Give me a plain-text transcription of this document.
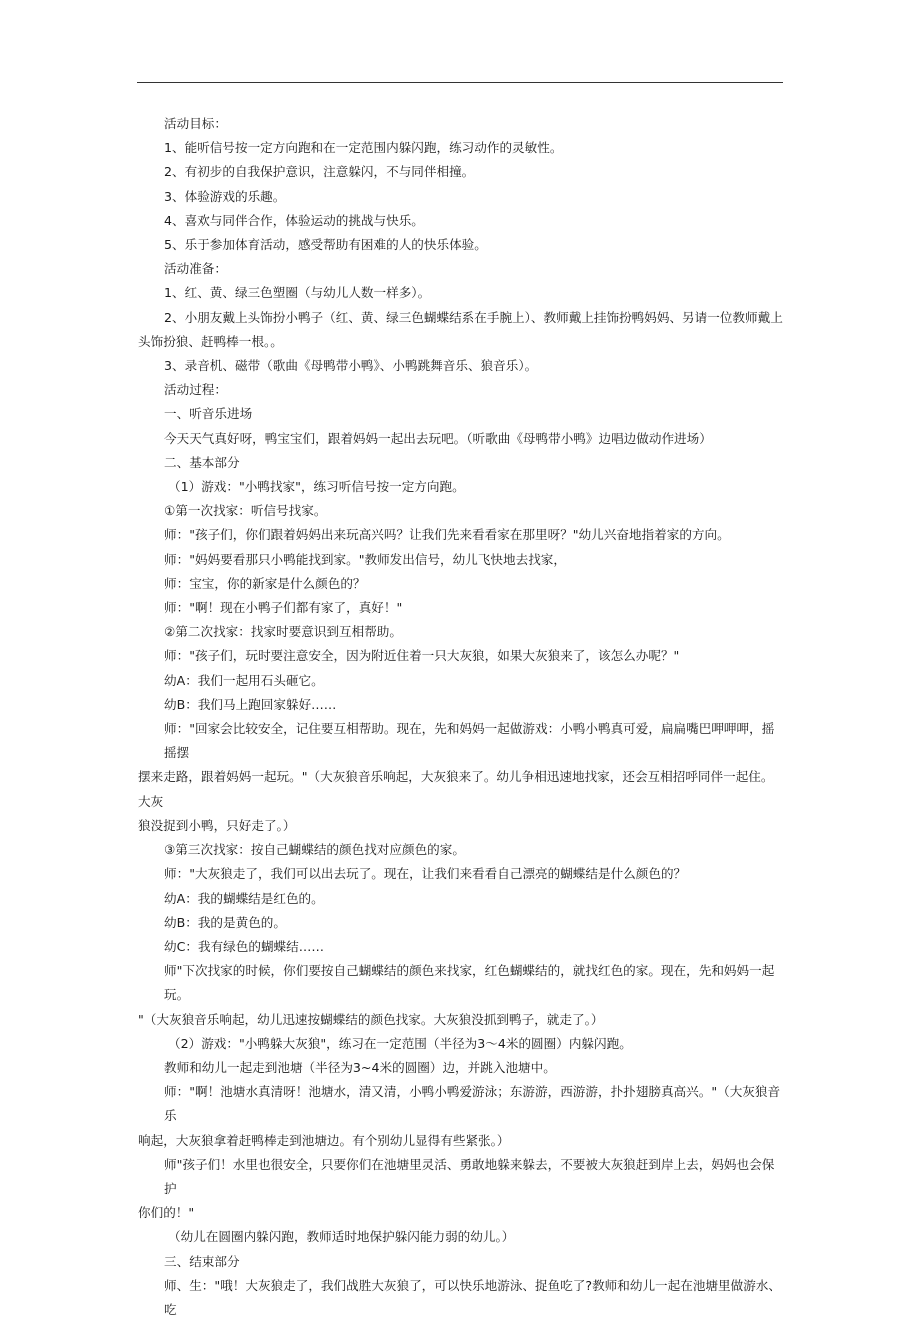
活动目标：

1、能听信号按一定方向跑和在一定范围内躲闪跑，练习动作的灵敏性。

2、有初步的自我保护意识，注意躲闪，不与同伴相撞。

3、体验游戏的乐趣。

4、喜欢与同伴合作，体验运动的挑战与快乐。

5、乐于参加体育活动，感受帮助有困难的人的快乐体验。

活动准备：

1、红、黄、绿三色塑圈（与幼儿人数一样多）。

2、小朋友戴上头饰扮小鸭子（红、黄、绿三色蝴蝶结系在手腕上）、教师戴上挂饰扮鸭妈妈、另请一位教师戴上

头饰扮狼、赶鸭棒一根。。

3、录音机、磁带（歌曲《母鸭带小鸭》、小鸭跳舞音乐、狼音乐）。

活动过程：

一、听音乐进场

今天天气真好呀，鸭宝宝们，跟着妈妈一起出去玩吧。（听歌曲《母鸭带小鸭》边唱边做动作进场）

二、基本部分

（1）游戏："小鸭找家"，练习听信号按一定方向跑。

①第一次找家：听信号找家。

师："孩子们，你们跟着妈妈出来玩高兴吗？让我们先来看看家在那里呀？"幼儿兴奋地指着家的方向。

师："妈妈要看那只小鸭能找到家。"教师发出信号，幼儿飞快地去找家，

师：宝宝，你的新家是什么颜色的？

师："啊！现在小鸭子们都有家了，真好！"

②第二次找家：找家时要意识到互相帮助。

师："孩子们，玩时要注意安全，因为附近住着一只大灰狼，如果大灰狼来了，该怎么办呢？"

幼A：我们一起用石头砸它。

幼B：我们马上跑回家躲好……

师："回家会比较安全，记住要互相帮助。现在，先和妈妈一起做游戏：小鸭小鸭真可爱，扁扁嘴巴呷呷呷，摇摇摆

摆来走路，跟着妈妈一起玩。"（大灰狼音乐响起，大灰狼来了。幼儿争相迅速地找家，还会互相招呼同伴一起住。大灰

狼没捉到小鸭，只好走了。）

③第三次找家：按自己蝴蝶结的颜色找对应颜色的家。

师："大灰狼走了，我们可以出去玩了。现在，让我们来看看自己漂亮的蝴蝶结是什么颜色的？

幼A：我的蝴蝶结是红色的。

幼B：我的是黄色的。

幼C：我有绿色的蝴蝶结……

师"下次找家的时候，你们要按自己蝴蝶结的颜色来找家，红色蝴蝶结的，就找红色的家。现在，先和妈妈一起玩。

"（大灰狼音乐响起，幼儿迅速按蝴蝶结的颜色找家。大灰狼没抓到鸭子，就走了。）

（2）游戏："小鸭躲大灰狼"，练习在一定范围（半径为3～4米的圆圈）内躲闪跑。

教师和幼儿一起走到池塘（半径为3~4米的圆圈）边，并跳入池塘中。

师："啊！池塘水真清呀！池塘水，清又清，小鸭小鸭爱游泳；东游游，西游游，扑扑翅膀真高兴。"（大灰狼音乐

响起，大灰狼拿着赶鸭棒走到池塘边。有个别幼儿显得有些紧张。）

师"孩子们！水里也很安全，只要你们在池塘里灵活、勇敢地躲来躲去，不要被大灰狼赶到岸上去，妈妈也会保护

你们的！"

（幼儿在圆圈内躲闪跑，教师适时地保护躲闪能力弱的幼儿。）

三、结束部分

师、生："哦！大灰狼走了，我们战胜大灰狼了，可以快乐地游泳、捉鱼吃了?教师和幼儿一起在池塘里做游水、吃
